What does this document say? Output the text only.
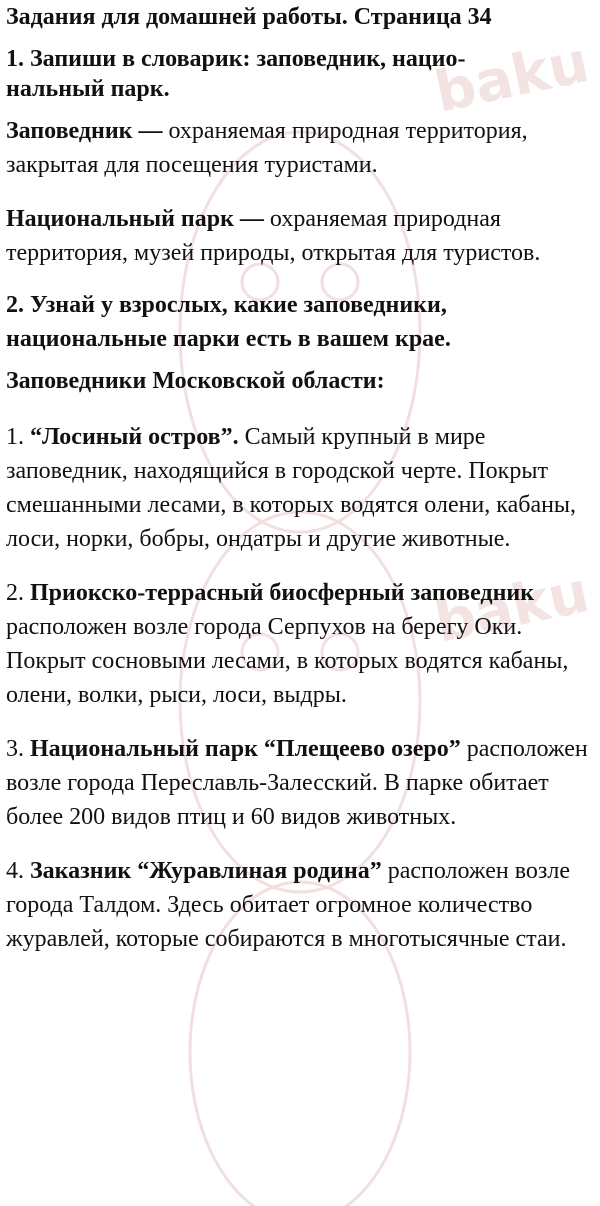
baku
baku

Задания для домашней работы. Страница 34

1. Запиши в словарик: заповедник, нацио-
нальный парк.

Заповедник — охраняемая природная территория, закрытая для посещения туристами.

Национальный парк — охраняемая природная территория, музей природы, открытая для туристов.

2. Узнай у взрослых, какие заповедники,
национальные парки есть в вашем крае.

Заповедники Московской области:

1. “Лосиный остров”. Самый крупный в мире заповедник, находящийся в городской черте. Покрыт смешанными лесами, в которых водятся олени, кабаны, лоси, норки, бобры, ондатры и другие животные.

2. Приокско-террасный биосферный заповедник расположен возле города Серпухов на берегу Оки. Покрыт сосновыми лесами, в которых водятся кабаны, олени, волки, рыси, лоси, выдры.

3. Национальный парк “Плещеево озеро” расположен возле города Переславль-Залесский. В парке обитает более 200 видов птиц и 60 видов животных.

4. Заказник “Журавлиная родина” расположен возле города Талдом. Здесь обитает огромное количество журавлей, которые собираются в многотысячные стаи.
